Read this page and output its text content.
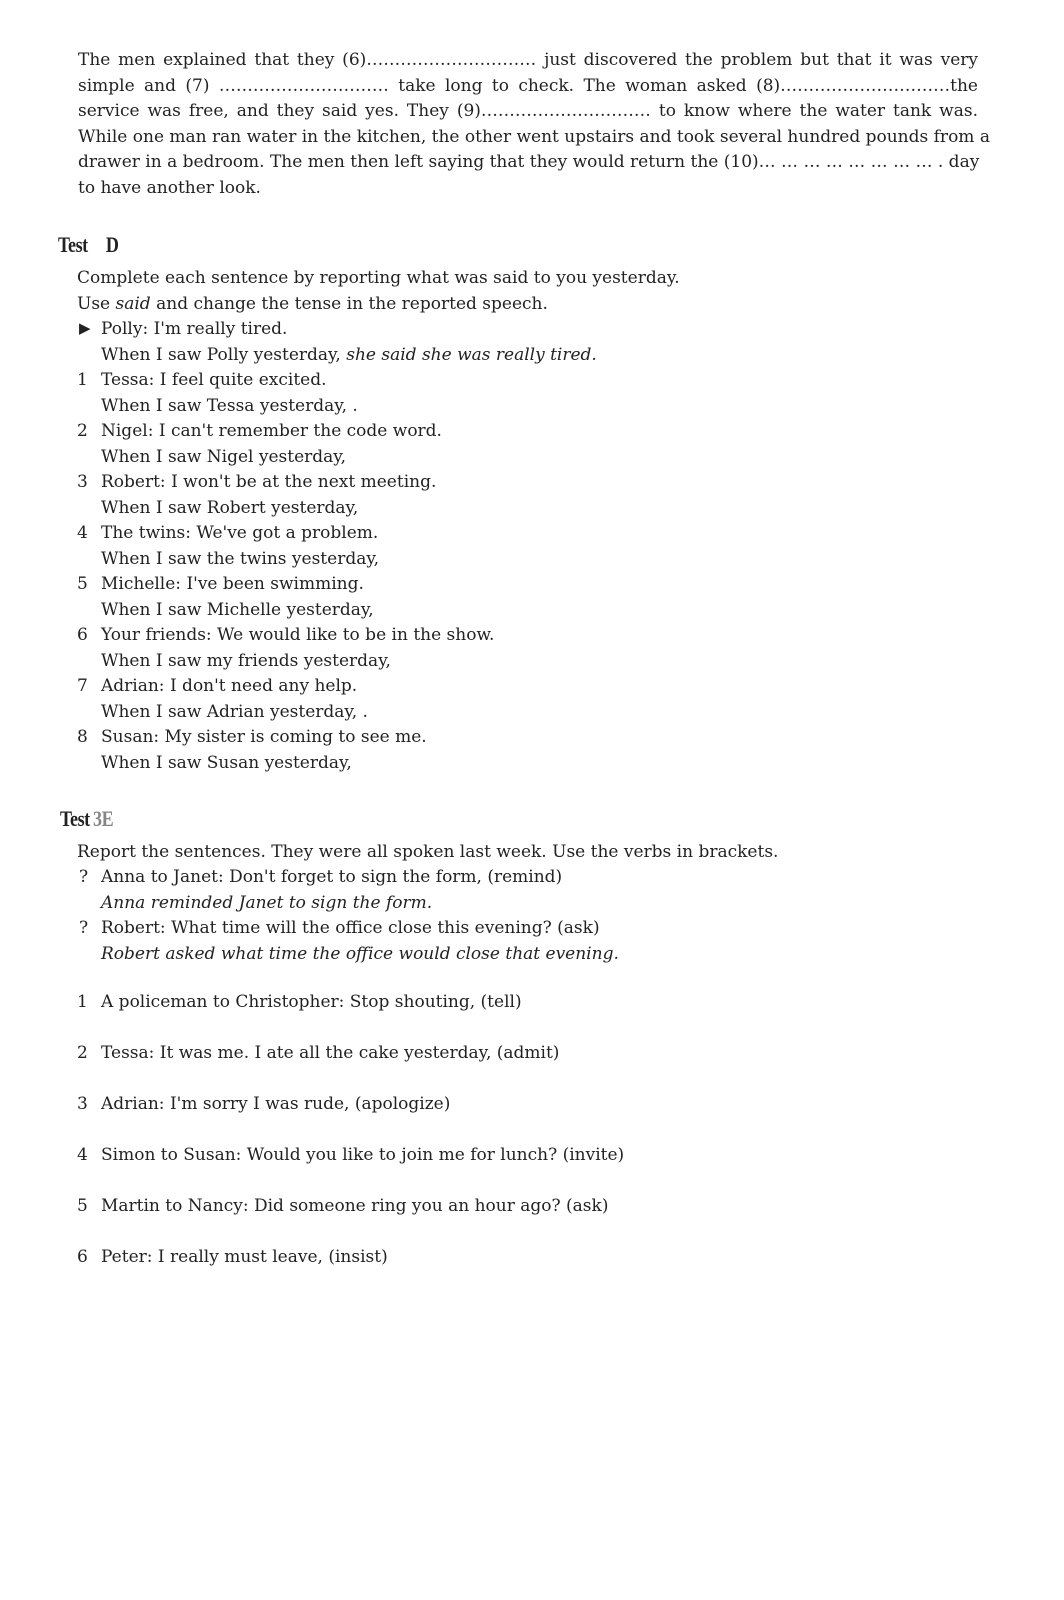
The men explained that they (6)………………………… just discovered the problem but that it was very
simple and (7) ………………………… take long to check. The woman asked (8)…………………………the
service was free, and they said yes. They (9)………………………… to know where the water tank was.
While one man ran water in the kitchen, the other went upstairs and took several hundred pounds from a
drawer in a bedroom. The men then left saying that they would return the (10)… … … … … … … … . day
to have another look.
Test D
Complete each sentence by reporting what was said to you yesterday.
Use said and change the tense in the reported speech.
▶ Polly: I'm really tired.
When I saw Polly yesterday, she said she was really tired.
1 Tessa: I feel quite excited.
When I saw Tessa yesterday, .
2 Nigel: I can't remember the code word.
When I saw Nigel yesterday,
3 Robert: I won't be at the next meeting.
When I saw Robert yesterday,
4 The twins: We've got a problem.
When I saw the twins yesterday,
5 Michelle: I've been swimming.
When I saw Michelle yesterday,
6 Your friends: We would like to be in the show.
When I saw my friends yesterday,
7 Adrian: I don't need any help.
When I saw Adrian yesterday, .
8 Susan: My sister is coming to see me.
When I saw Susan yesterday,
Test 3E
Report the sentences. They were all spoken last week. Use the verbs in brackets.
? Anna to Janet: Don't forget to sign the form, (remind)
Anna reminded Janet to sign the form.
? Robert: What time will the office close this evening? (ask)
Robert asked what time the office would close that evening.
1 A policeman to Christopher: Stop shouting, (tell)
2 Tessa: It was me. I ate all the cake yesterday, (admit)
3 Adrian: I'm sorry I was rude, (apologize)
4 Simon to Susan: Would you like to join me for lunch? (invite)
5 Martin to Nancy: Did someone ring you an hour ago? (ask)
6 Peter: I really must leave, (insist)
